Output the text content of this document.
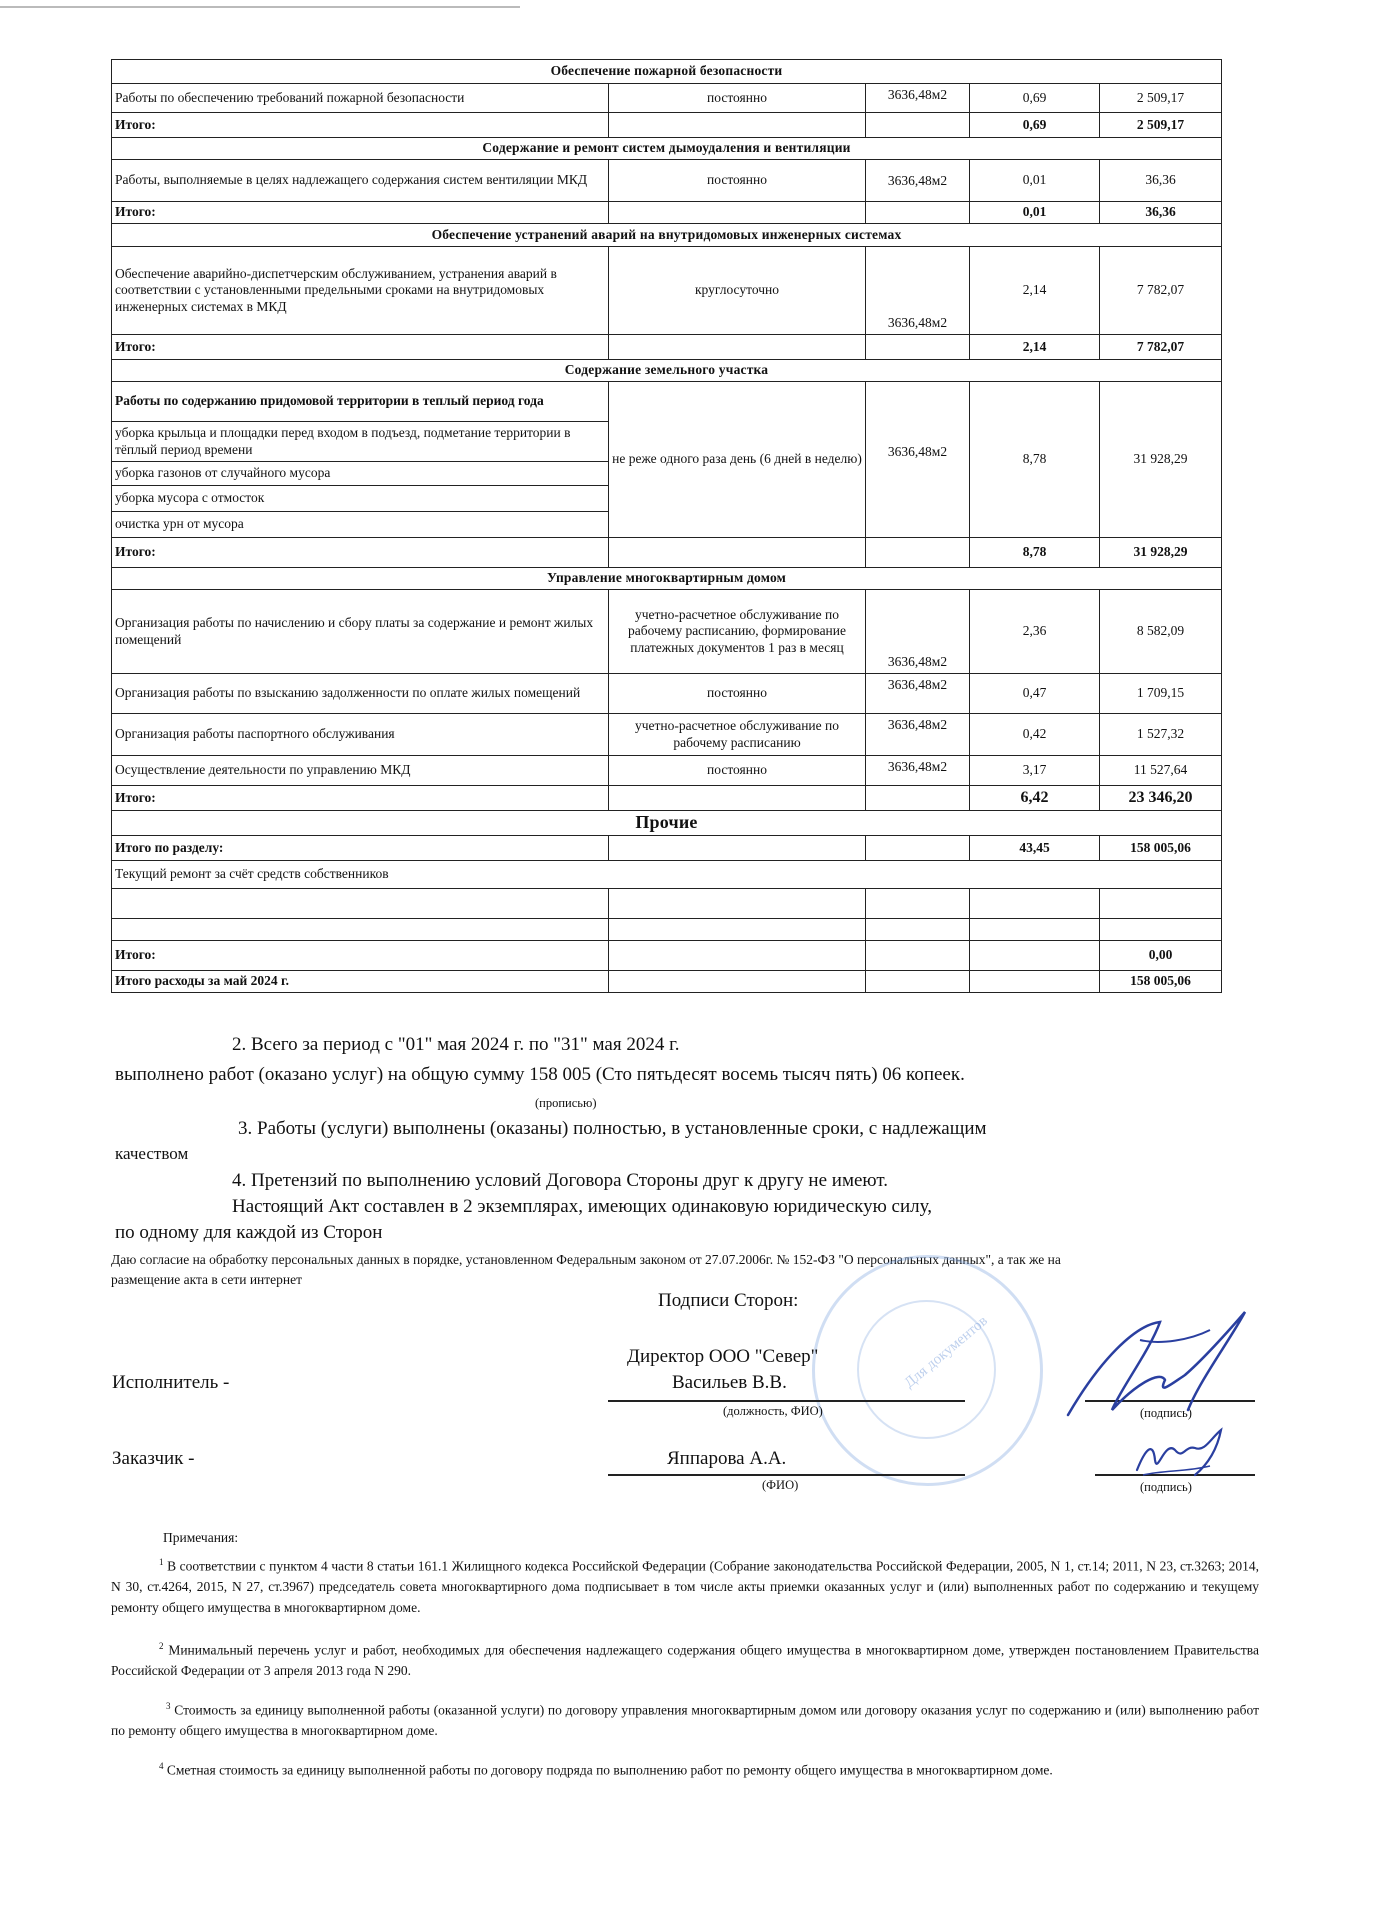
Обеспечение пожарной безопасности				
Работы по обеспечению требований пожарной безопасности	постоянно	3636,48м2	0,69	2 509,17
Итого:			0,69	2 509,17
Содержание и ремонт систем дымоудаления и вентиляции				
Работы, выполняемые в целях надлежащего содержания систем вентиляции МКД	постоянно	3636,48м2	0,01	36,36
Итого:			0,01	36,36
Обеспечение устранений аварий на внутридомовых инженерных системах				
Обеспечение аварийно-диспетчерским обслуживанием, устранения аварий в соответствии с установленными предельными сроками на внутридомовых инженерных системах в МКД	круглосуточно	3636,48м2	2,14	7 782,07
Итого:			2,14	7 782,07
Содержание земельного участка				
Работы по содержанию придомовой территории в теплый период года	не реже одного раза день (6 дней в неделю)	3636,48м2	8,78	31 928,29
уборка крыльца и площадки перед входом в подъезд, подметание территории в тёплый период времени				
уборка газонов от случайного мусора				
уборка мусора с отмосток				
очистка урн от мусора				
Итого:			8,78	31 928,29
Управление многоквартирным домом				
Организация работы по начислению и сбору платы за содержание и ремонт жилых помещений	учетно-расчетное обслуживание по рабочему расписанию, формирование платежных документов 1 раз в месяц	3636,48м2	2,36	8 582,09
Организация работы по взысканию задолженности по оплате жилых помещений	постоянно	3636,48м2	0,47	1 709,15
Организация работы паспортного обслуживания	учетно-расчетное обслуживание по рабочему расписанию	3636,48м2	0,42	1 527,32
Осуществление деятельности по управлению МКД	постоянно	3636,48м2	3,17	11 527,64
Итого:			6,42	23 346,20
Прочие				
Итого по разделу:			43,45	158 005,06
Текущий ремонт за счёт средств собственников				

Итого:				0,00
Итого расходы за май 2024 г.				158 005,06
2. Всего за период с "01" мая 2024 г. по "31" мая 2024 г.
выполнено работ (оказано услуг) на общую сумму 158 005 (Сто пятьдесят восемь тысяч пять) 06 копеек.
(прописью)
3. Работы (услуги) выполнены (оказаны) полностью, в установленные сроки, с надлежащим
качеством
4. Претензий по выполнению условий Договора Стороны друг к другу не имеют.
Настоящий Акт составлен в 2 экземплярах, имеющих одинаковую юридическую силу,
по одному для каждой из Сторон
Даю согласие на обработку персональных данных в порядке, установленном Федеральным законом от 27.07.2006г. № 152-ФЗ "О персональных данных", а так же на
размещение акта в сети интернет
Для документов
Подписи Сторон:
Директор ООО "Север"
Исполнитель -	Васильев В.В.
(должность, ФИО)	(подпись)
Заказчик -	Яппарова А.А.
(ФИО)	(подпись)
Примечания:
$^1$ В соответствии с пунктом 4 части 8 статьи 161.1 Жилищного кодекса Российской Федерации (Собрание законодательства Российской Федерации, 2005, N 1, ст.14; 2011, N 23, ст.3263; 2014, N 30, ст.4264, 2015, N 27, ст.3967) председатель совета многоквартирного дома подписывает в том числе акты приемки оказанных услуг и (или) выполненных работ по содержанию и текущему ремонту общего имущества в многоквартирном доме.
$^2$ Минимальный перечень услуг и работ, необходимых для обеспечения надлежащего содержания общего имущества в многоквартирном доме, утвержден постановлением Правительства Российской Федерации от 3 апреля 2013 года N 290.
$^3$ Стоимость за единицу выполненной работы (оказанной услуги) по договору управления многоквартирным домом или договору оказания услуг по содержанию и (или) выполнению работ по ремонту общего имущества в многоквартирном доме.
$^4$ Сметная стоимость за единицу выполненной работы по договору подряда по выполнению работ по ремонту общего имущества в многоквартирном доме.
